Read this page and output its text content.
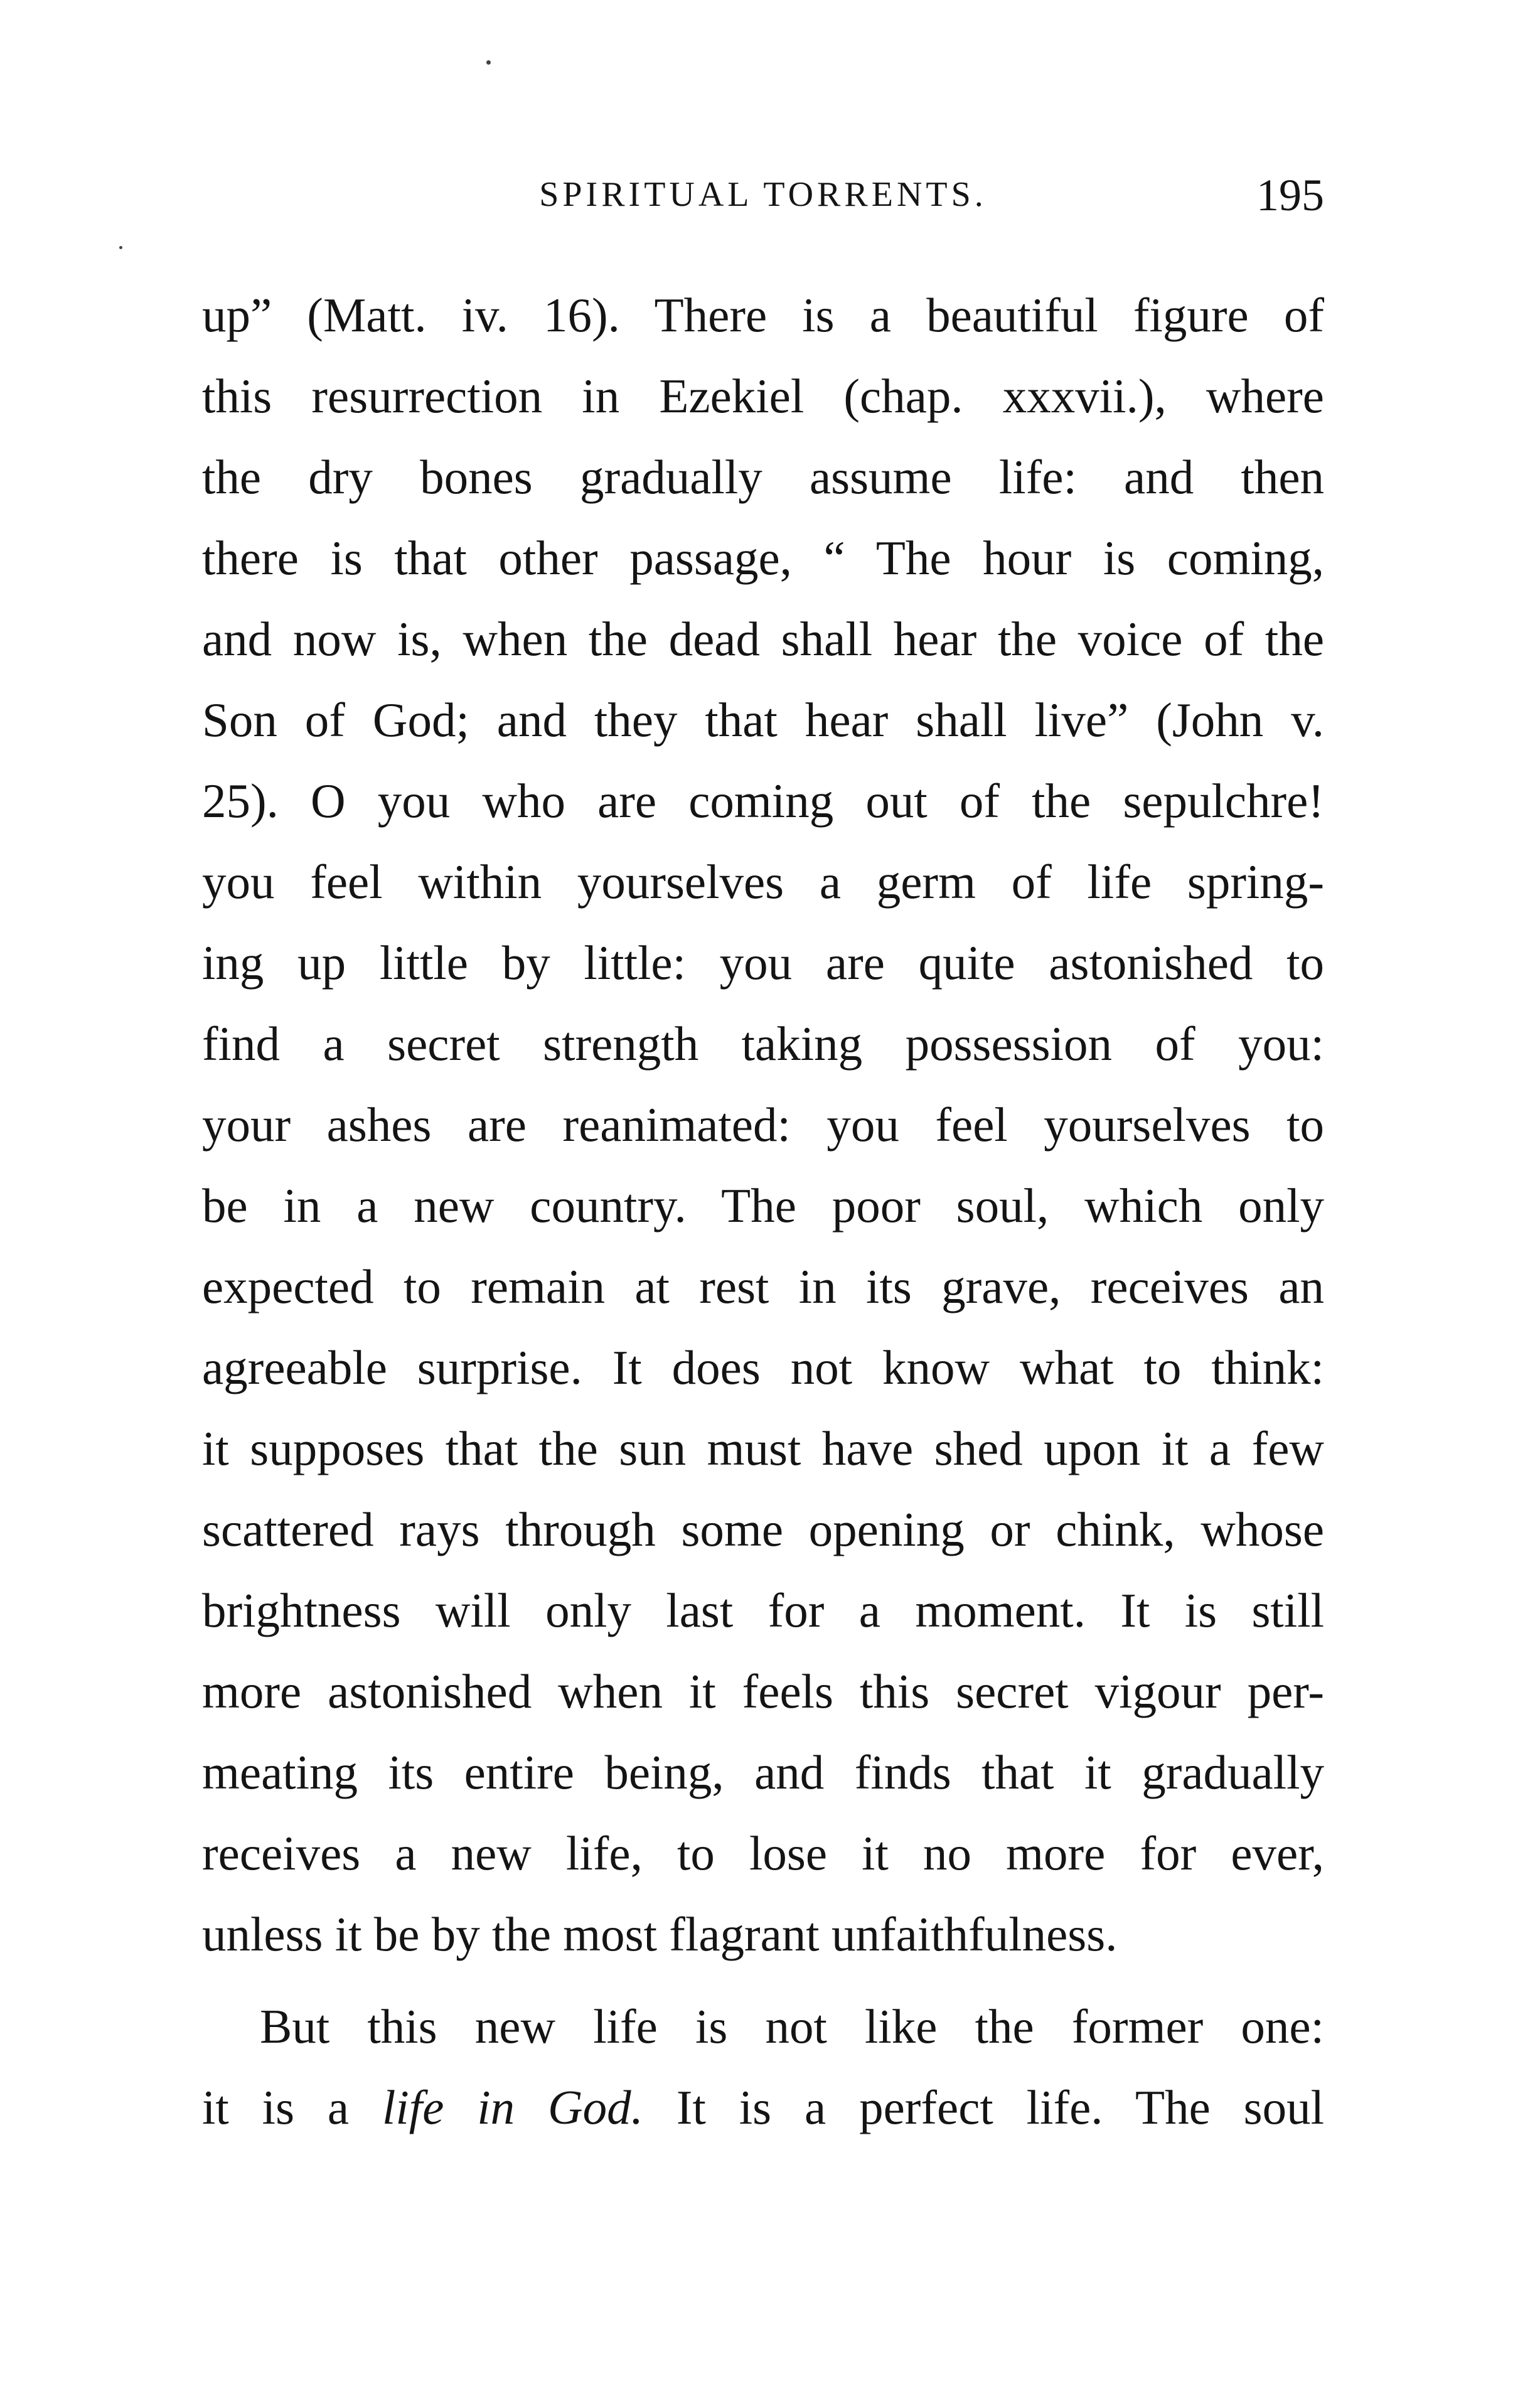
SPIRITUAL TORRENTS.	195
up” (Matt. iv. 16). There is a beautiful figure of
this resurrection in Ezekiel (chap. xxxvii.), where
the dry bones gradually assume life: and then
there is that other passage, “ The hour is coming,
and now is, when the dead shall hear the voice of the
Son of God; and they that hear shall live” (John v.
25). O you who are coming out of the sepulchre!
you feel within yourselves a germ of life spring-
ing up little by little: you are quite astonished to
find a secret strength taking possession of you:
your ashes are reanimated: you feel yourselves to
be in a new country. The poor soul, which only
expected to remain at rest in its grave, receives an
agreeable surprise. It does not know what to think:
it supposes that the sun must have shed upon it a few
scattered rays through some opening or chink, whose
brightness will only last for a moment. It is still
more astonished when it feels this secret vigour per-
meating its entire being, and finds that it gradually
receives a new life, to lose it no more for ever,
unless it be by the most flagrant unfaithfulness.
But this new life is not like the former one:
it is a life in God. It is a perfect life. The soul
